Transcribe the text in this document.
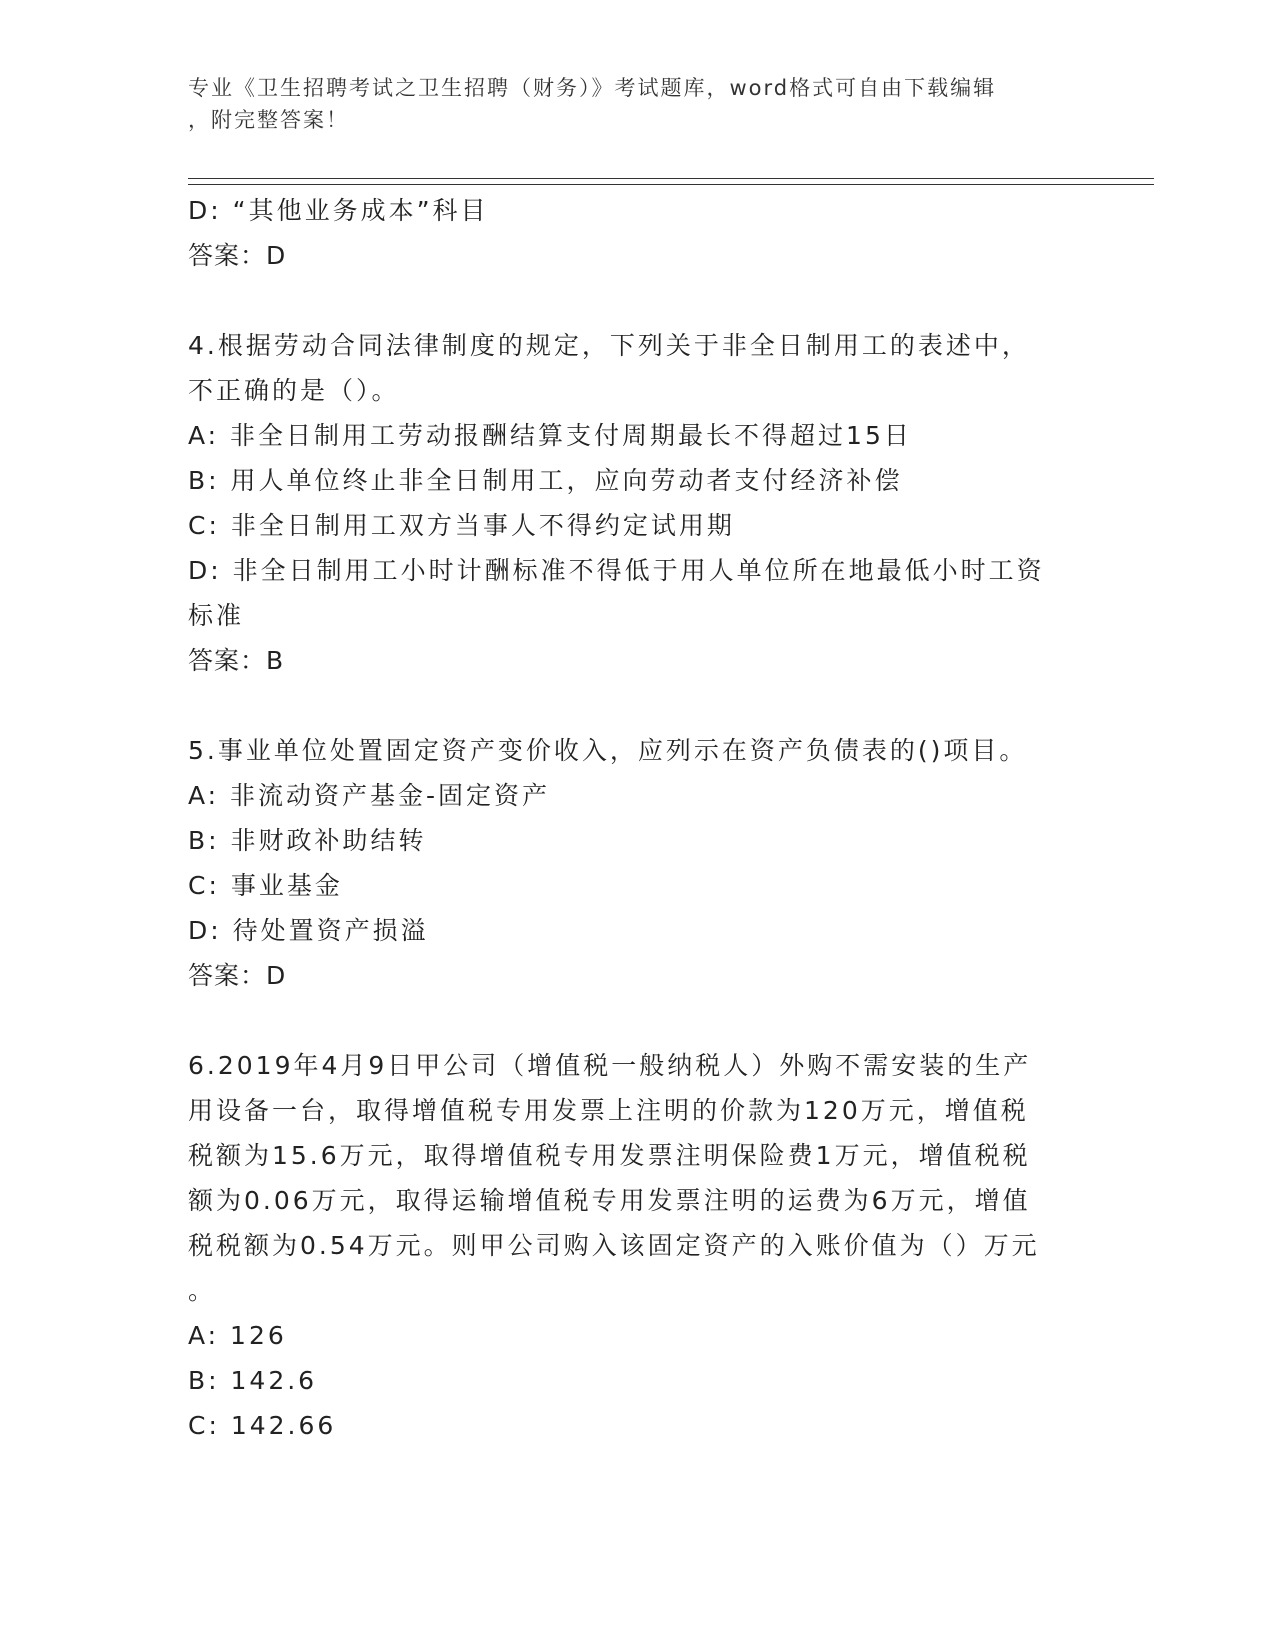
专业《卫生招聘考试之卫生招聘（财务）》考试题库，word格式可自由下载编辑
，附完整答案！
D: “其他业务成本”科目
答案：D
4.根据劳动合同法律制度的规定，下列关于非全日制用工的表述中，
不正确的是（）。
A: 非全日制用工劳动报酬结算支付周期最长不得超过15日
B: 用人单位终止非全日制用工，应向劳动者支付经济补偿
C: 非全日制用工双方当事人不得约定试用期
D: 非全日制用工小时计酬标准不得低于用人单位所在地最低小时工资
标准
答案：B
5.事业单位处置固定资产变价收入，应列示在资产负债表的()项目。
A: 非流动资产基金-固定资产
B: 非财政补助结转
C: 事业基金
D: 待处置资产损溢
答案：D
6.2019年4月9日甲公司（增值税一般纳税人）外购不需安装的生产
用设备一台，取得增值税专用发票上注明的价款为120万元，增值税
税额为15.6万元，取得增值税专用发票注明保险费1万元，增值税税
额为0.06万元，取得运输增值税专用发票注明的运费为6万元，增值
税税额为0.54万元。则甲公司购入该固定资产的入账价值为（）万元
。
A: 126
B: 142.6
C: 142.66
